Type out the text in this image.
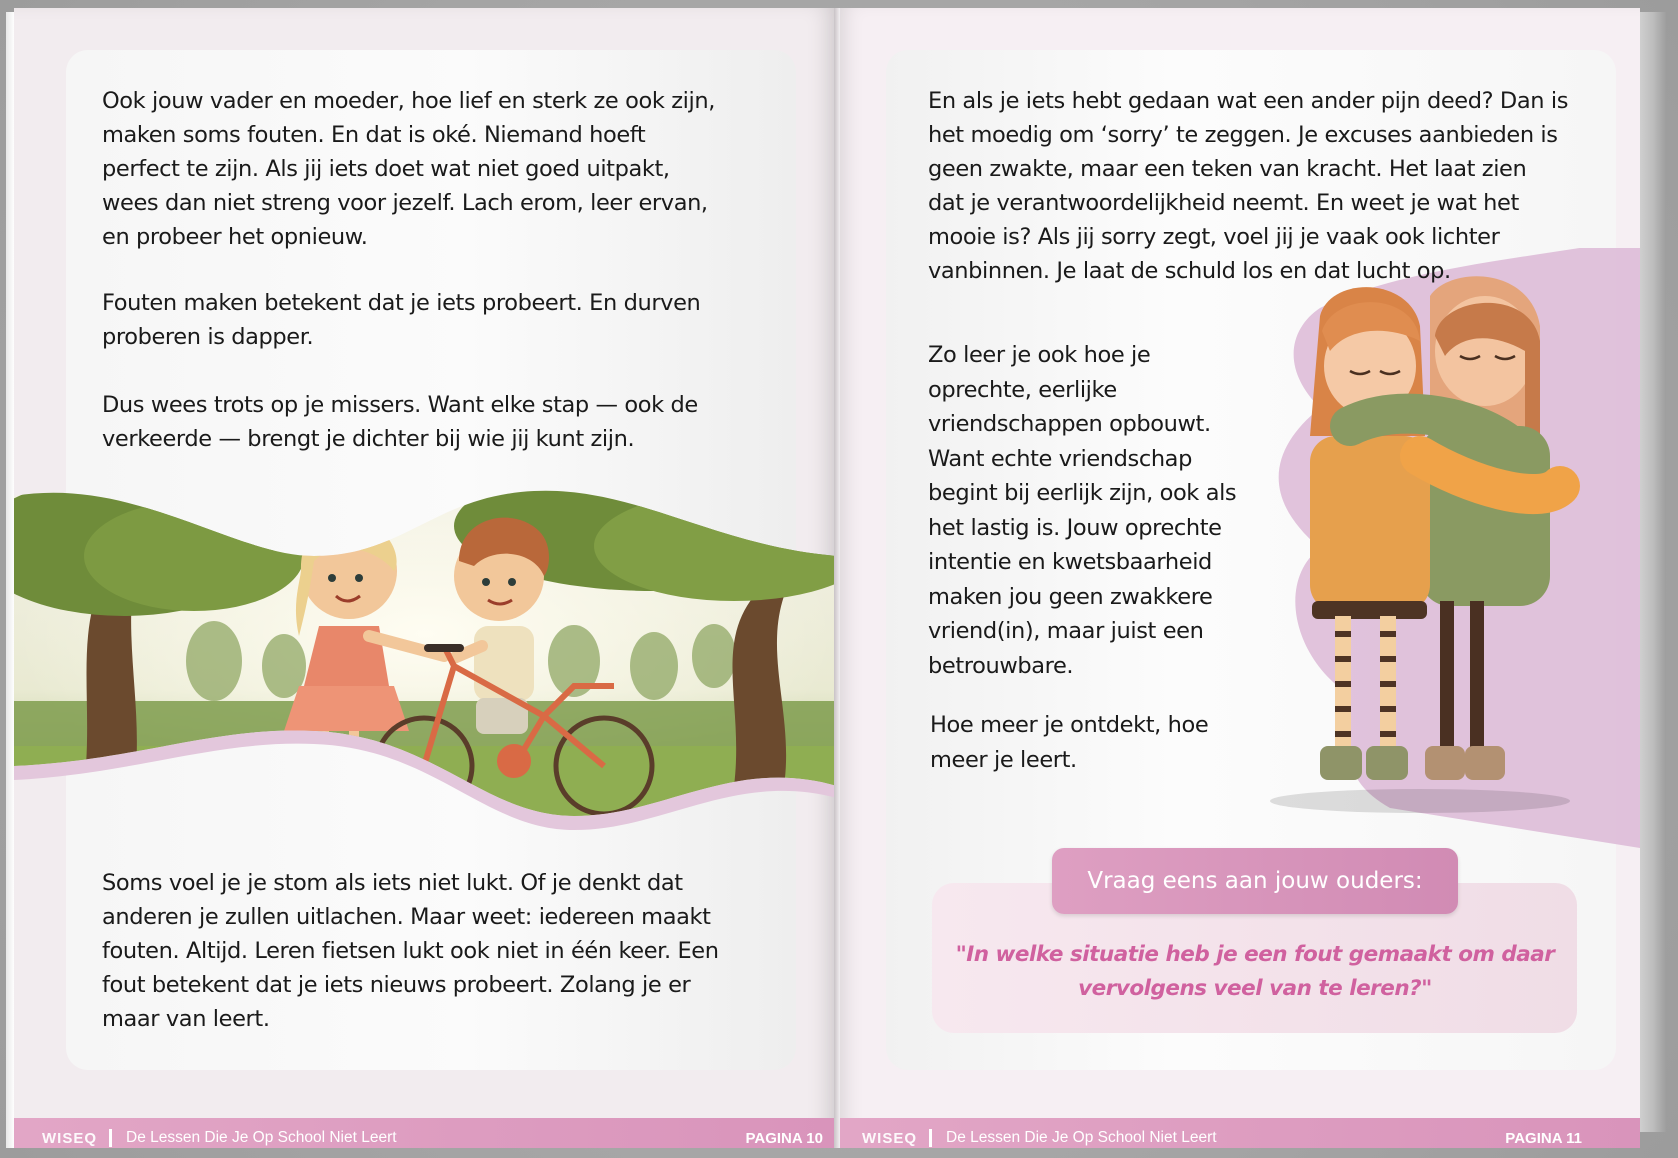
Ook jouw vader en moeder, hoe lief en sterk ze ook zijn, maken soms fouten. En dat is oké. Niemand hoeft perfect te zijn. Als jij iets doet wat niet goed uitpakt, wees dan niet streng voor jezelf. Lach erom, leer ervan, en probeer het opnieuw.

Fouten maken betekent dat je iets probeert. En durven proberen is dapper.

Dus wees trots op je missers. Want elke stap — ook de verkeerde — brengt je dichter bij wie jij kunt zijn.

Soms voel je je stom als iets niet lukt. Of je denkt dat anderen je zullen uitlachen. Maar weet: iedereen maakt fouten. Altijd. Leren fietsen lukt ook niet in één keer. Een fout betekent dat je iets nieuws probeert. Zolang je er maar van leert.

WISEQ De Lessen Die Je Op School Niet Leert	PAGINA 10

En als je iets hebt gedaan wat een ander pijn deed? Dan is het moedig om ‘sorry’ te zeggen. Je excuses aanbieden is geen zwakte, maar een teken van kracht. Het laat zien dat je verantwoordelijkheid neemt. En weet je wat het mooie is? Als jij sorry zegt, voel jij je vaak ook lichter vanbinnen. Je laat de schuld los en dat lucht op.

Zo leer je ook hoe je oprechte, eerlijke vriendschappen opbouwt. Want echte vriendschap begint bij eerlijk zijn, ook als het lastig is. Jouw oprechte intentie en kwetsbaarheid maken jou geen zwakkere vriend(in), maar juist een betrouwbare.

Hoe meer je ontdekt, hoe meer je leert.

Vraag eens aan jouw ouders:

"In welke situatie heb je een fout gemaakt om daar vervolgens veel van te leren?"

WISEQ De Lessen Die Je Op School Niet Leert	PAGINA 11
